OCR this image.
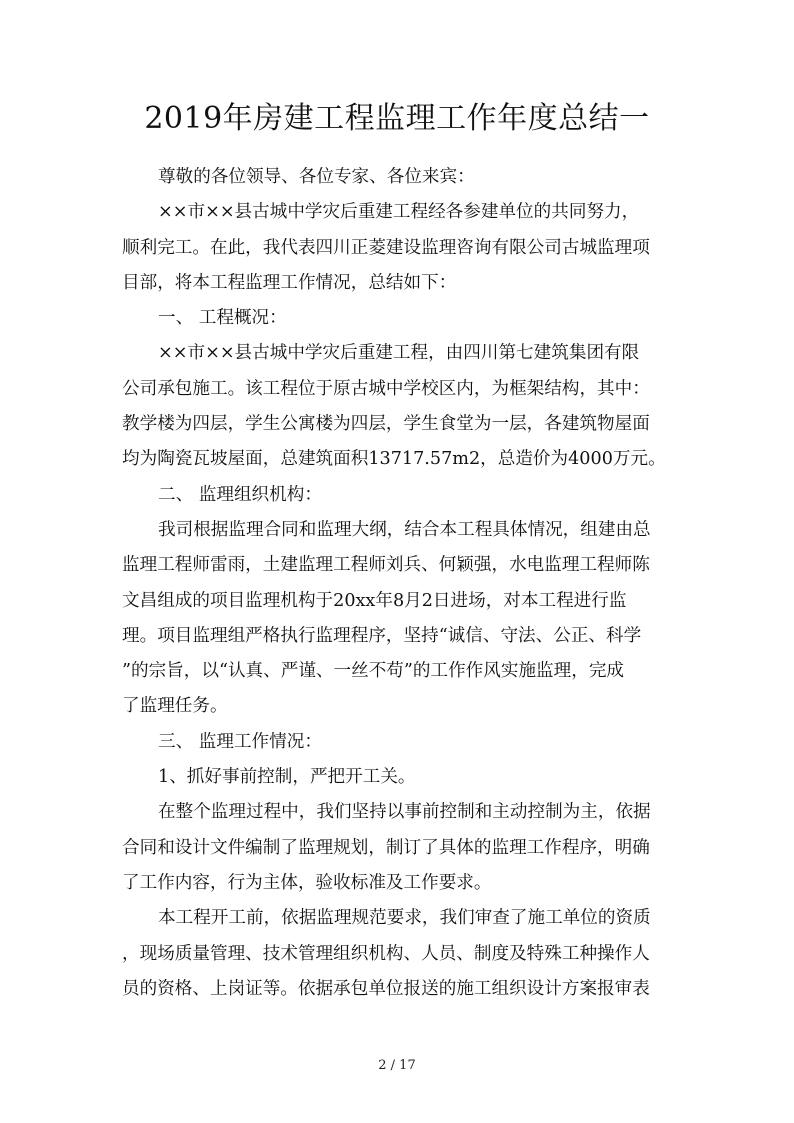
2019年房建工程监理工作年度总结一
尊敬的各位领导、各位专家、各位来宾：
××市××县古城中学灾后重建工程经各参建单位的共同努力，
顺利完工。在此，我代表四川正菱建设监理咨询有限公司古城监理项
目部，将本工程监理工作情况，总结如下：
一、 工程概况：
××市××县古城中学灾后重建工程，由四川第七建筑集团有限
公司承包施工。该工程位于原古城中学校区内，为框架结构，其中：
教学楼为四层，学生公寓楼为四层，学生食堂为一层，各建筑物屋面
均为陶瓷瓦坡屋面，总建筑面积13717.57m2，总造价为4000万元。
二、 监理组织机构：
我司根据监理合同和监理大纲，结合本工程具体情况，组建由总
监理工程师雷雨，土建监理工程师刘兵、何颖强，水电监理工程师陈
文昌组成的项目监理机构于20xx年8月2日进场，对本工程进行监
理。项目监理组严格执行监理程序，坚持“诚信、守法、公正、科学
”的宗旨，以“认真、严谨、一丝不苟”的工作作风实施监理，完成
了监理任务。
三、 监理工作情况：
1、抓好事前控制，严把开工关。
在整个监理过程中，我们坚持以事前控制和主动控制为主，依据
合同和设计文件编制了监理规划，制订了具体的监理工作程序，明确
了工作内容，行为主体，验收标准及工作要求。
本工程开工前，依据监理规范要求，我们审查了施工单位的资质
，现场质量管理、技术管理组织机构、人员、制度及特殊工种操作人
员的资格、上岗证等。依据承包单位报送的施工组织设计方案报审表
2 / 17
